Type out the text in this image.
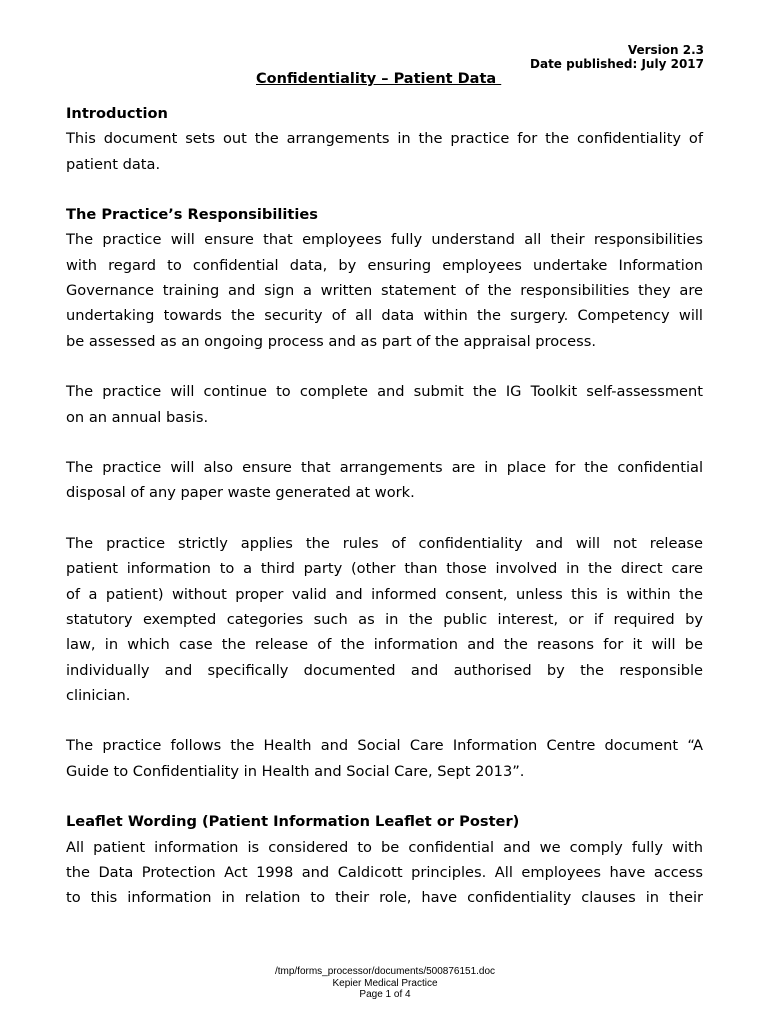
Version 2.3
Date published: July 2017
Confidentiality – Patient Data
Introduction
This document sets out the arrangements in the practice for the confidentiality of
patient data.
The Practice’s Responsibilities
The practice will ensure that employees fully understand all their responsibilities
with regard to confidential data, by ensuring employees undertake Information
Governance training and sign a written statement of the responsibilities they are
undertaking towards the security of all data within the surgery. Competency will
be assessed as an ongoing process and as part of the appraisal process.
The practice will continue to complete and submit the IG Toolkit self-assessment
on an annual basis.
The practice will also ensure that arrangements are in place for the confidential
disposal of any paper waste generated at work.
The practice strictly applies the rules of confidentiality and will not release
patient information to a third party (other than those involved in the direct care
of a patient) without proper valid and informed consent, unless this is within the
statutory exempted categories such as in the public interest, or if required by
law, in which case the release of the information and the reasons for it will be
individually and specifically documented and authorised by the responsible
clinician.
The practice follows the Health and Social Care Information Centre document “A
Guide to Confidentiality in Health and Social Care, Sept 2013”.
Leaflet Wording (Patient Information Leaflet or Poster)
All patient information is considered to be confidential and we comply fully with
the Data Protection Act 1998 and Caldicott principles. All employees have access
to this information in relation to their role, have confidentiality clauses in their
/tmp/forms_processor/documents/500876151.doc
Kepier Medical Practice
Page 1 of 4
